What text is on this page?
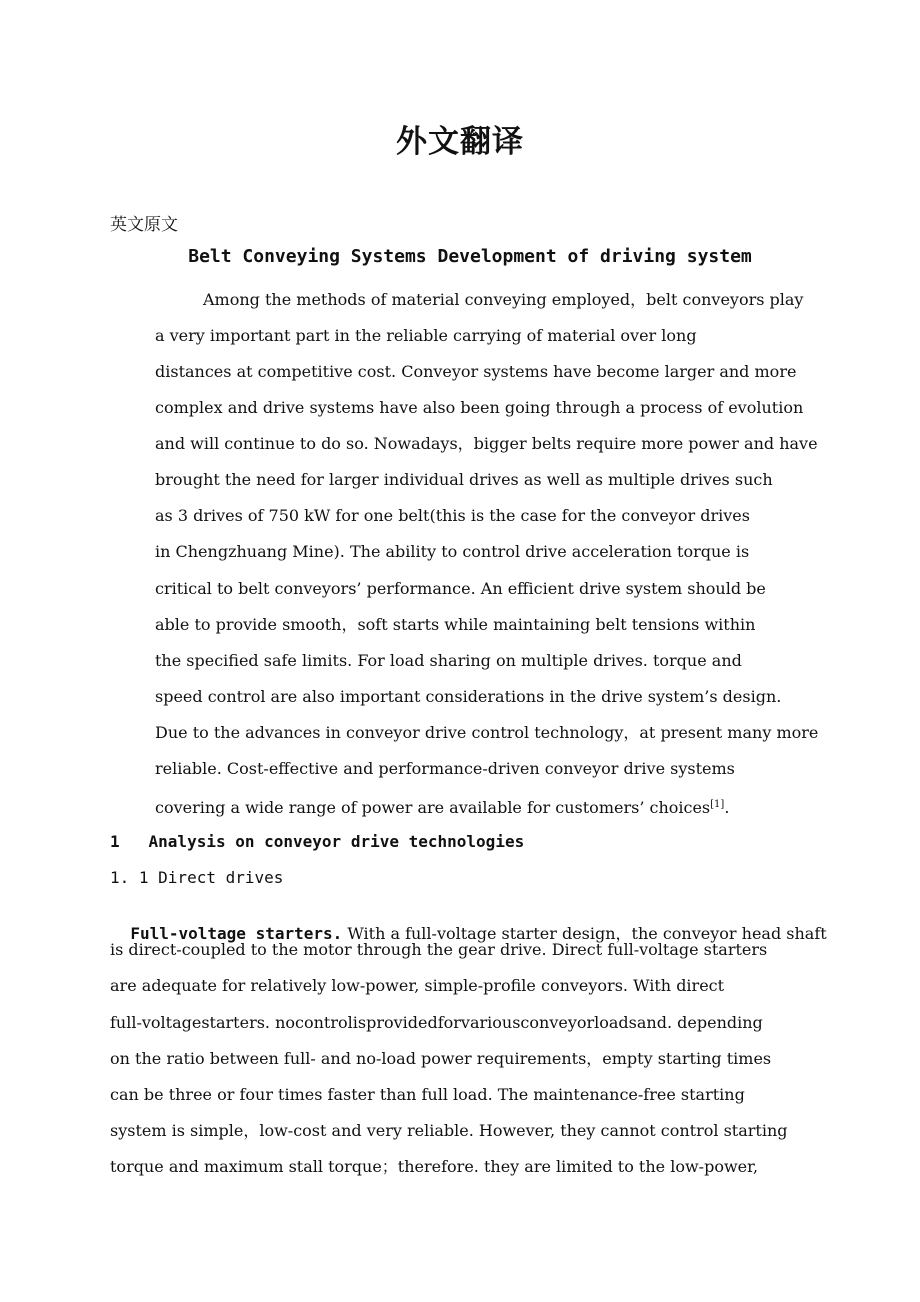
外文翻译
英文原文
Belt Conveying Systems Development of driving system
Among the methods of material conveying employed，belt conveyors play
a very important part in the reliable carrying of material over long
distances at competitive cost. Conveyor systems have become larger and more
complex and drive systems have also been going through a process of evolution
and will continue to do so. Nowadays，bigger belts require more power and have
brought the need for larger individual drives as well as multiple drives such
as 3 drives of 750 kW for one belt(this is the case for the conveyor drives
in Chengzhuang Mine). The ability to control drive acceleration torque is
critical to belt conveyors’ performance. An efficient drive system should be
able to provide smooth，soft starts while maintaining belt tensions within
the specified safe limits. For load sharing on multiple drives. torque and
speed control are also important considerations in the drive system’s design.
Due to the advances in conveyor drive control technology，at present many more
reliable. Cost-effective and performance-driven conveyor drive systems
covering a wide range of power are available for customers’ choices[1].
1   Analysis on conveyor drive technologies
1. 1 Direct drives

Full-voltage starters. With a full-voltage starter design，the conveyor head shaft

is direct-coupled to the motor through the gear drive. Direct full-voltage starters
are adequate for relatively low-power, simple-profile conveyors. With direct
full-voltagestarters. nocontrolisprovidedforvariousconveyorloadsand. depending
on the ratio between full- and no-load power requirements，empty starting times
can be three or four times faster than full load. The maintenance-free starting
system is simple，low-cost and very reliable. However, they cannot control starting
torque and maximum stall torque；therefore. they are limited to the low-power,
